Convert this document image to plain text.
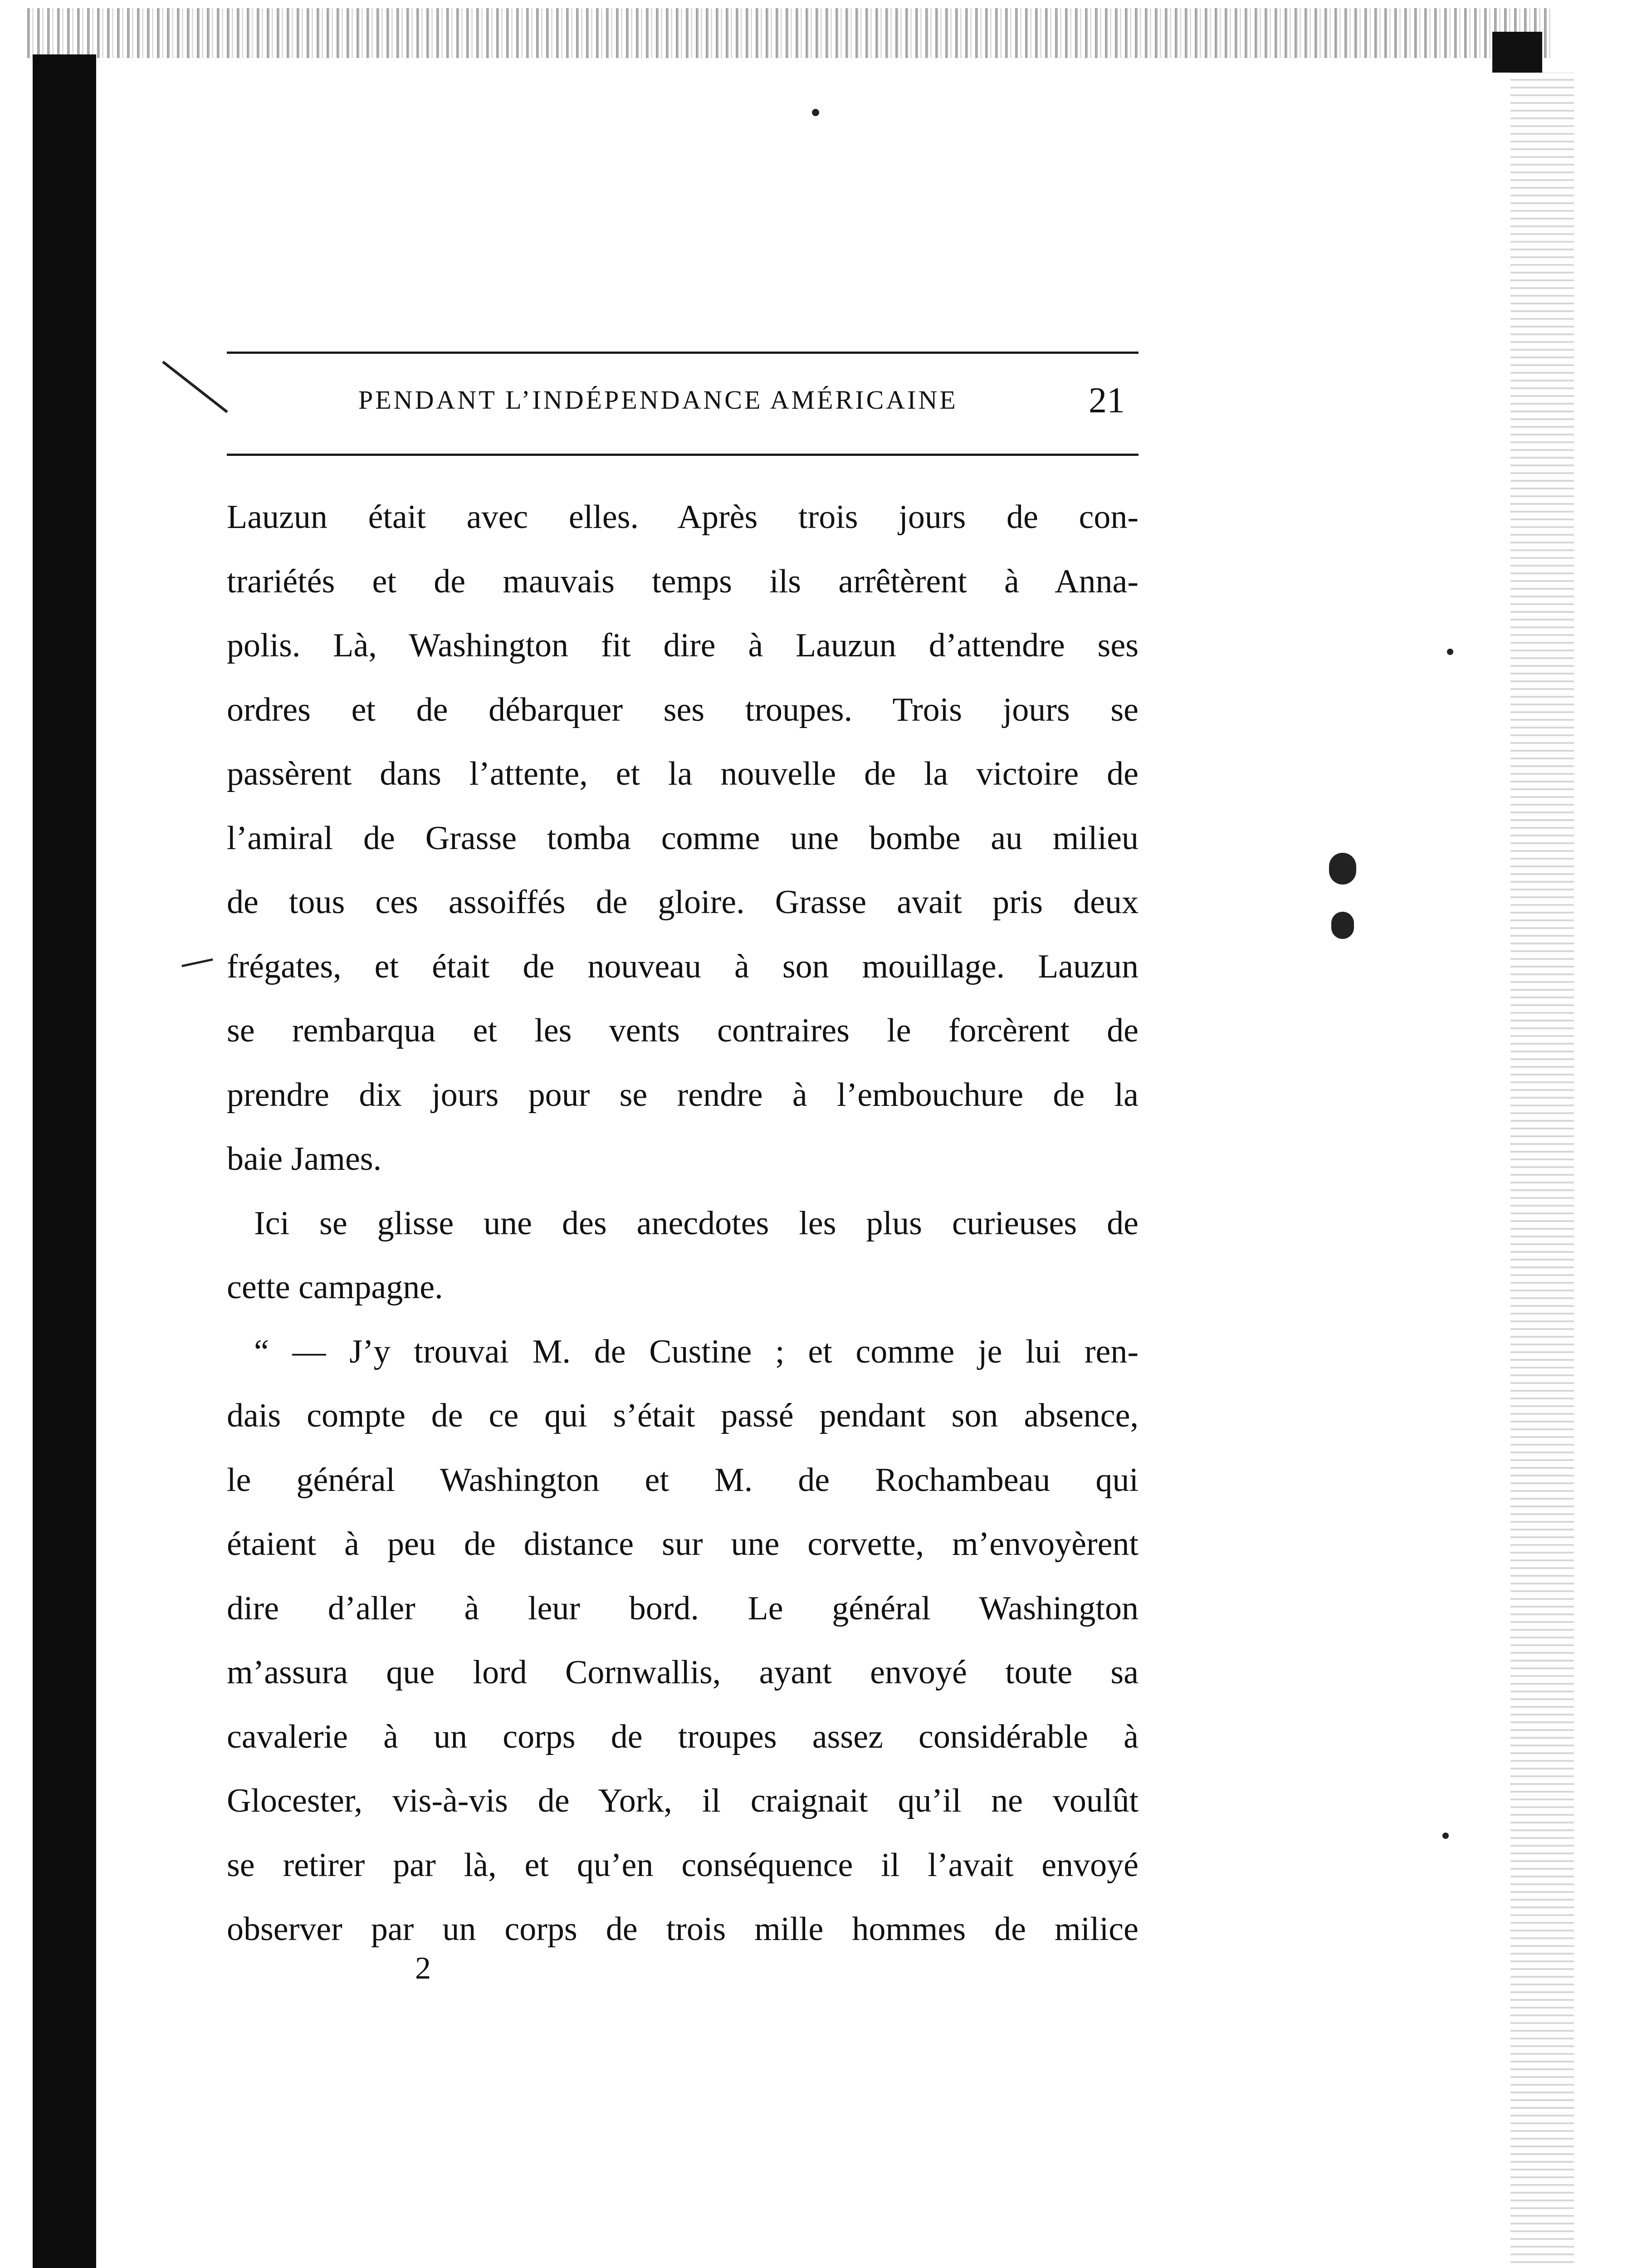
PENDANT L’INDÉPENDANCE AMÉRICAINE	21
Lauzun était avec elles. Après trois jours de con-
trariétés et de mauvais temps ils arrêtèrent à Anna-
polis. Là, Washington fit dire à Lauzun d’attendre ses
ordres et de débarquer ses troupes. Trois jours se
passèrent dans l’attente, et la nouvelle de la victoire de
l’amiral de Grasse tomba comme une bombe au milieu
de tous ces assoiffés de gloire. Grasse avait pris deux
frégates, et était de nouveau à son mouillage. Lauzun
se rembarqua et les vents contraires le forcèrent de
prendre dix jours pour se rendre à l’embouchure de la
baie James.
Ici se glisse une des anecdotes les plus curieuses de
cette campagne.
“ — J’y trouvai M. de Custine ; et comme je lui ren-
dais compte de ce qui s’était passé pendant son absence,
le général Washington et M. de Rochambeau qui
étaient à peu de distance sur une corvette, m’envoyèrent
dire d’aller à leur bord. Le général Washington
m’assura que lord Cornwallis, ayant envoyé toute sa
cavalerie à un corps de troupes assez considérable à
Glocester, vis-à-vis de York, il craignait qu’il ne voulût
se retirer par là, et qu’en conséquence il l’avait envoyé
observer par un corps de trois mille hommes de milice
2
